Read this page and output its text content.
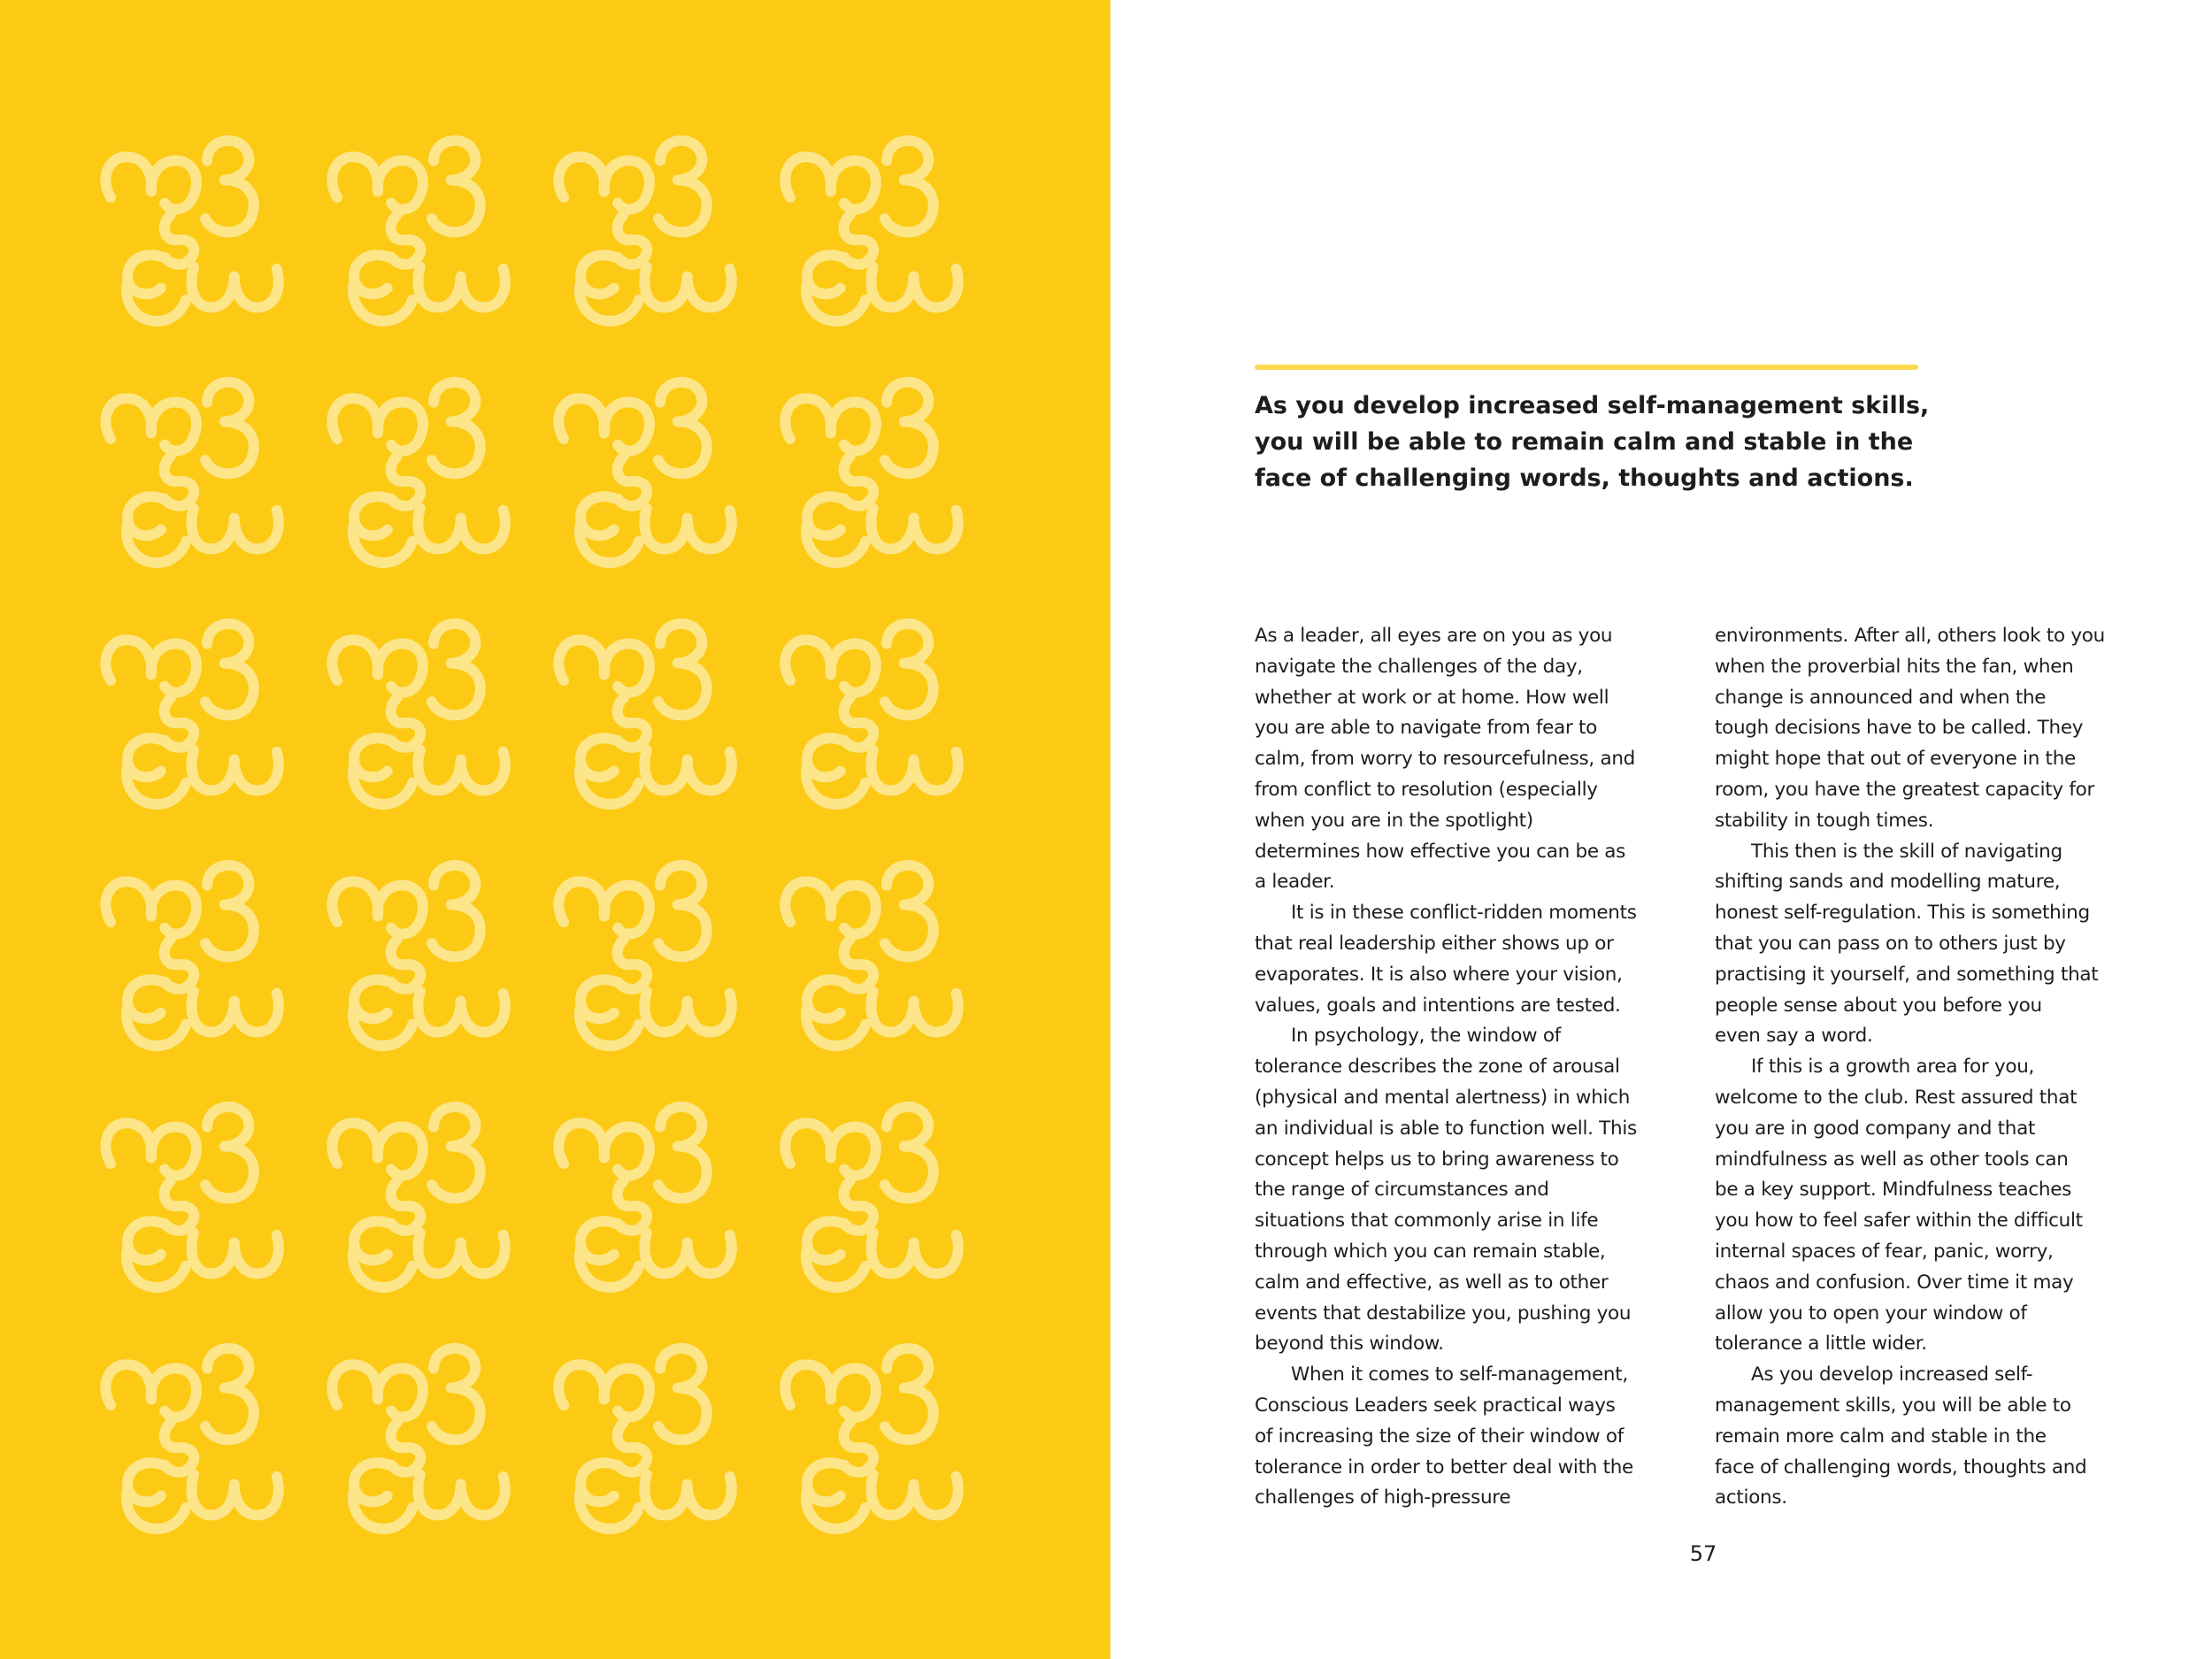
As you develop increased self-management skills,
you will be able to remain calm and stable in the
face of challenging words, thoughts and actions.

As a leader, all eyes are on you as you
navigate the challenges of the day,
whether at work or at home. How well
you are able to navigate from fear to
calm, from worry to resourcefulness, and
from conflict to resolution (especially
when you are in the spotlight)
determines how effective you can be as
a leader.
It is in these conflict-ridden moments
that real leadership either shows up or
evaporates. It is also where your vision,
values, goals and intentions are tested.
In psychology, the window of
tolerance describes the zone of arousal
(physical and mental alertness) in which
an individual is able to function well. This
concept helps us to bring awareness to
the range of circumstances and
situations that commonly arise in life
through which you can remain stable,
calm and effective, as well as to other
events that destabilize you, pushing you
beyond this window.
When it comes to self-management,
Conscious Leaders seek practical ways
of increasing the size of their window of
tolerance in order to better deal with the
challenges of high-pressure
environments. After all, others look to you
when the proverbial hits the fan, when
change is announced and when the
tough decisions have to be called. They
might hope that out of everyone in the
room, you have the greatest capacity for
stability in tough times.
This then is the skill of navigating
shifting sands and modelling mature,
honest self-regulation. This is something
that you can pass on to others just by
practising it yourself, and something that
people sense about you before you
even say a word.
If this is a growth area for you,
welcome to the club. Rest assured that
you are in good company and that
mindfulness as well as other tools can
be a key support. Mindfulness teaches
you how to feel safer within the difficult
internal spaces of fear, panic, worry,
chaos and confusion. Over time it may
allow you to open your window of
tolerance a little wider.
As you develop increased self-
management skills, you will be able to
remain more calm and stable in the
face of challenging words, thoughts and
actions.
57
